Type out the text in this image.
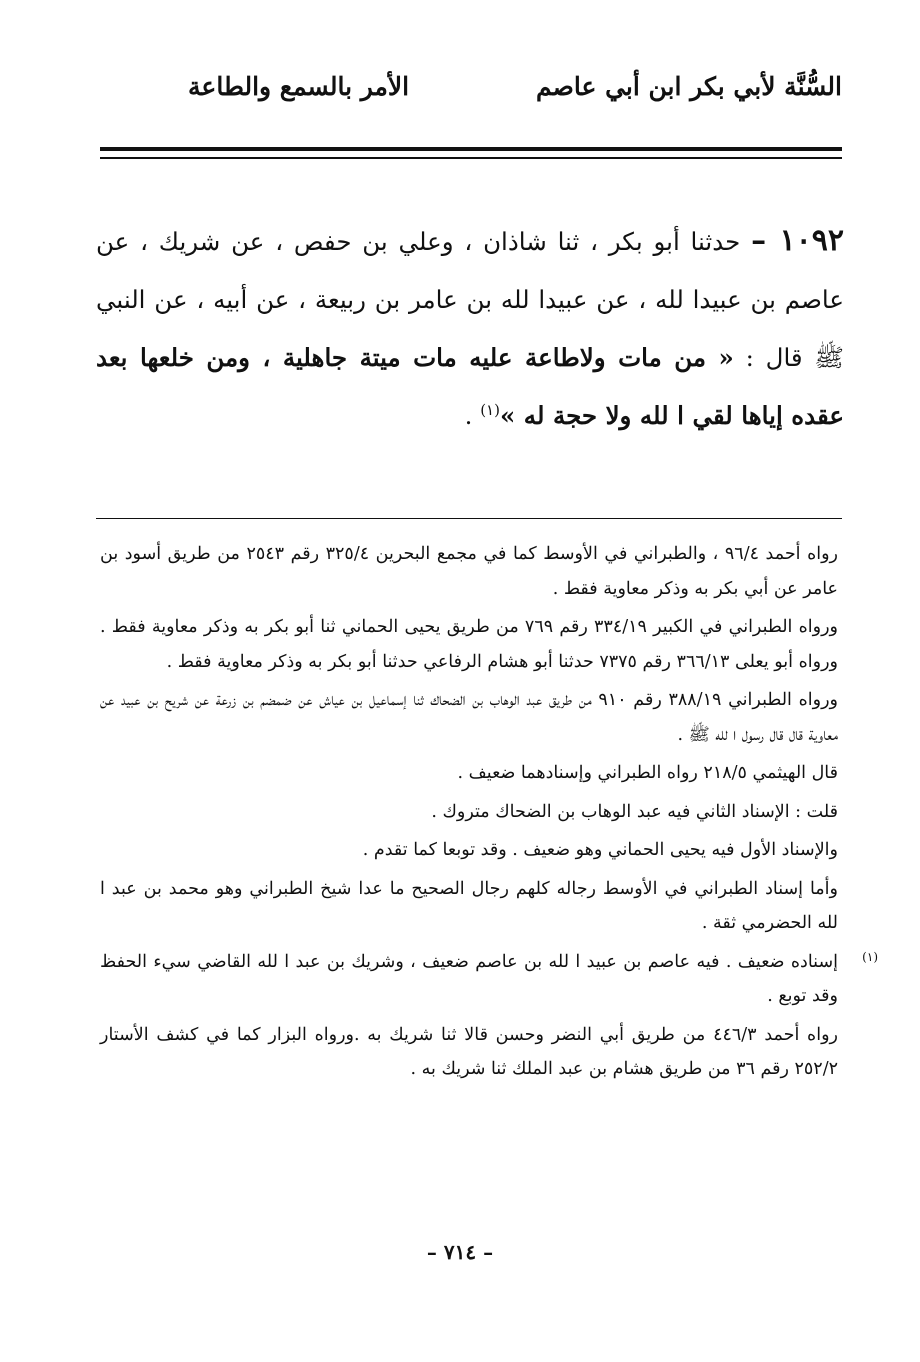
السُّنَّة لأبي بكر ابن أبي عاصم
الأمر بالسمع والطاعة
١٠٩٢ – حدثنا أبو بكر ، ثنا شاذان ، وعلي بن حفص ، عن شريك ، عن عاصم بن عبيدا لله ، عن عبيدا لله بن عامر بن ربيعة ، عن أبيه ، عن النبي ﷺ قال : « من مات ولاطاعة عليه مات ميتة جاهلية ، ومن خلعها بعد عقده إياها لقي ا لله ولا حجة له »$^{(١)}$ .

رواه أحمد ٩٦/٤ ، والطبراني في الأوسط كما في مجمع البحرين ٣٢٥/٤ رقم ٢٥٤٣ من طريق أسود بن عامر عن أبي بكر به وذكر معاوية فقط .

ورواه الطبراني في الكبير ٣٣٤/١٩ رقم ٧٦٩ من طريق يحيى الحماني ثنا أبو بكر به وذكر معاوية فقط . ورواه أبو يعلى ٣٦٦/١٣ رقم ٧٣٧٥ حدثنا أبو هشام الرفاعي حدثنا أبو بكر به وذكر معاوية فقط .

ورواه الطبراني ٣٨٨/١٩ رقم ٩١٠ من طريق عبد الوهاب بن الضحاك ثنا إسماعيل بن عياش عن ضمضم بن زرعة عن شريح بن عبيد عن معاوية قال قال رسول ا لله ﷺ .

قال الهيثمي ٢١٨/٥ رواه الطبراني وإسنادهما ضعيف .

قلت : الإسناد الثاني فيه عبد الوهاب بن الضحاك متروك .

والإسناد الأول فيه يحيى الحماني وهو ضعيف . وقد توبعا كما تقدم .

وأما إسناد الطبراني في الأوسط رجاله كلهم رجال الصحيح ما عدا شيخ الطبراني وهو محمد بن عبد ا لله الحضرمي ثقة .

(١)
إسناده ضعيف . فيه عاصم بن عبيد ا لله بن عاصم ضعيف ، وشريك بن عبد ا لله القاضي سيء الحفظ وقد توبع .

رواه أحمد ٤٤٦/٣ من طريق أبي النضر وحسن قالا ثنا شريك به .ورواه البزار كما في كشف الأستار ٢٥٢/٢ رقم ٣٦ من طريق هشام بن عبد الملك ثنا شريك به .

– ٧١٤ –
